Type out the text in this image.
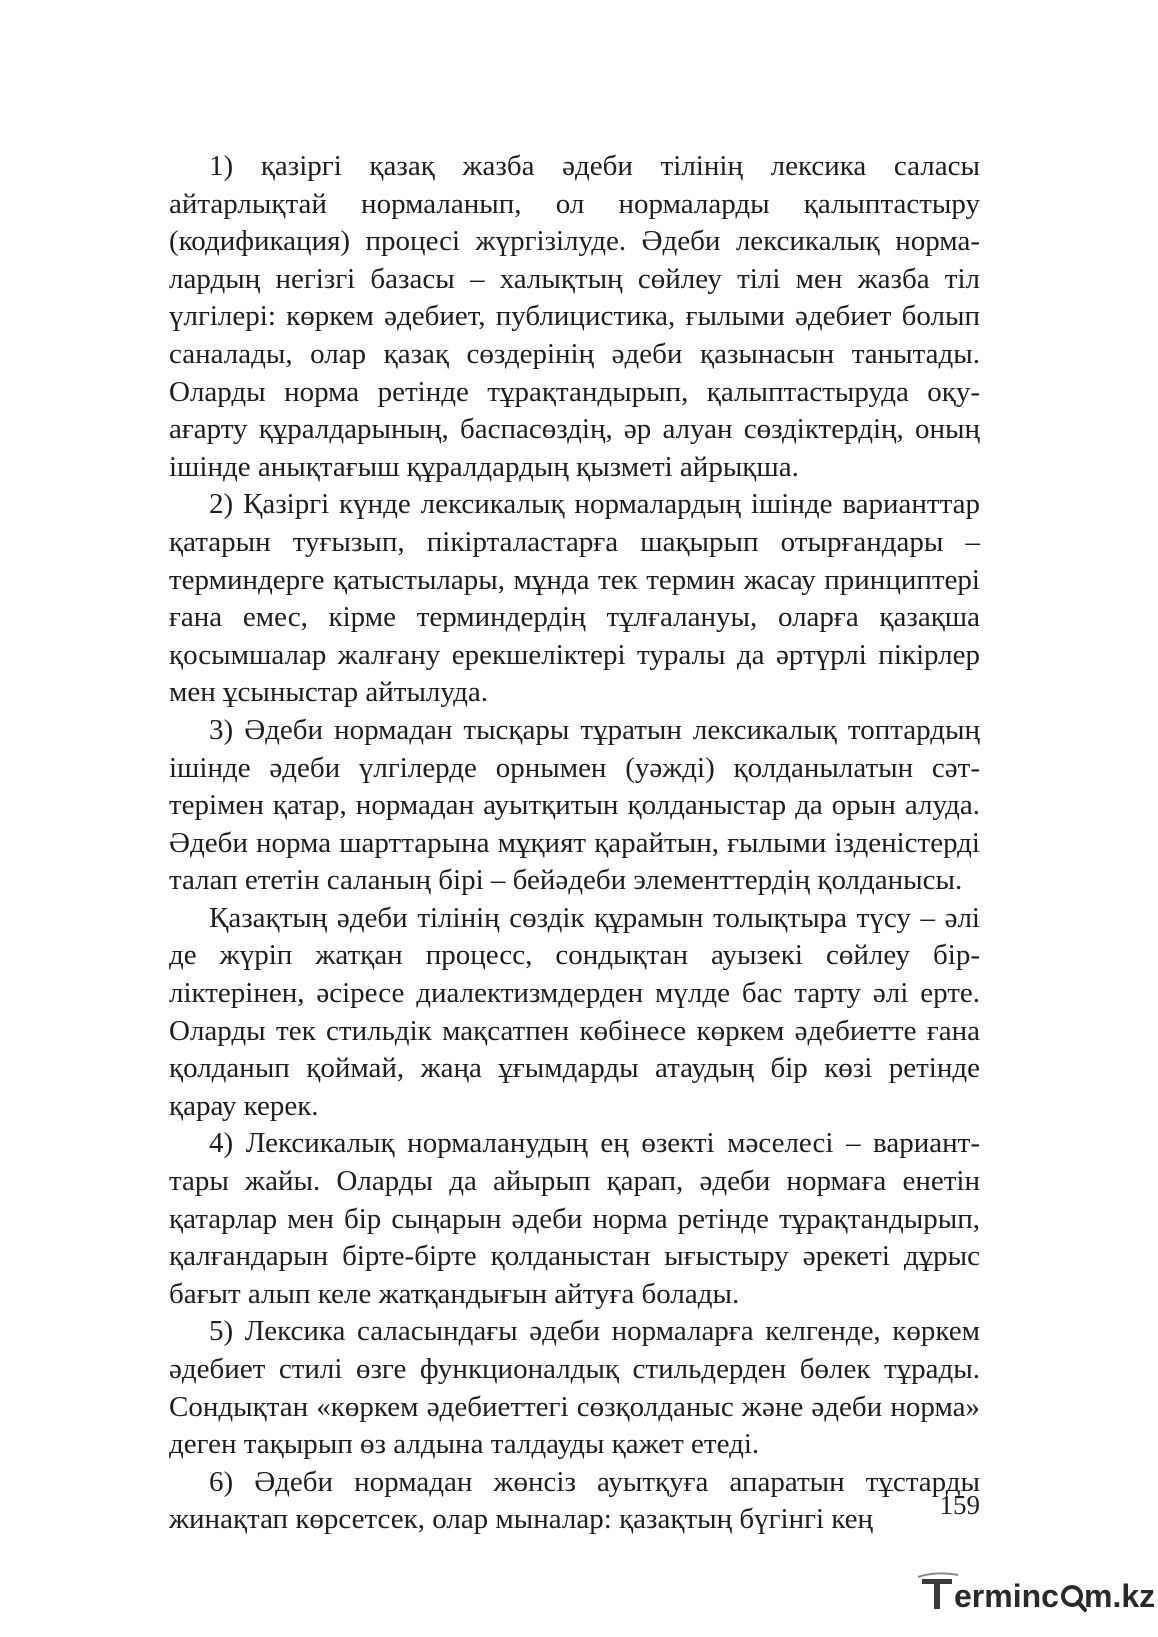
1) қазіргі қазақ жазба әдеби тілінің лексика саласы айтарлықтай нормаланып, ол нормаларды қалыптастыру (кодификация) процесі жүргізілуде. Әдеби лексикалық нормалардың негізгі базасы – халықтың сөйлеу тілі мен жазба тіл үлгілері: көркем әдебиет, публицистика, ғылыми әдебиет болып саналады, олар қазақ сөздерінің әдеби қазынасын танытады. Оларды норма ретінде тұрақтандырып, қалыптастыруда оқу-ағарту құралдарының, баспасөздің, әр алуан сөздіктердің, оның ішінде анықтағыш құралдардың қызметі айрықша.

2) Қазіргі күнде лексикалық нормалардың ішінде варианттар қатарын туғызып, пікірталастарға шақырып отырғандары – терминдерге қатыстылары, мұнда тек термин жасау принциптері ғана емес, кірме терминдердің тұлғалануы, оларға қазақша қосымшалар жалғану ерекшеліктері туралы да әртүрлі пікірлер мен ұсыныстар айтылуда.

3) Әдеби нормадан тысқары тұратын лексикалық топтардың ішінде әдеби үлгілерде орнымен (уәжді) қолданылатын сәттерімен қатар, нормадан ауытқитын қолданыстар да орын алуда. Әдеби норма шарттарына мұқият қарайтын, ғылыми ізденістерді талап ететін саланың бірі – бейәдеби элементтердің қолданысы.

Қазақтың әдеби тілінің сөздік құрамын толықтыра түсу – әлі де жүріп жатқан процесс, сондықтан ауызекі сөйлеу бірліктерінен, әсіресе диалектизмдерден мүлде бас тарту әлі ерте. Оларды тек стильдік мақсатпен көбінесе көркем әдебиетте ғана қолданып қоймай, жаңа ұғымдарды атаудың бір көзі ретінде қарау керек.

4) Лексикалық нормаланудың ең өзекті мәселесі – варианттары жайы. Оларды да айырып қарап, әдеби нормаға енетін қатарлар мен бір сыңарын әдеби норма ретінде тұрақтандырып, қалғандарын бірте-бірте қолданыстан ығыстыру әрекеті дұрыс бағыт алып келе жатқандығын айтуға болады.

5) Лексика саласындағы әдеби нормаларға келгенде, көркем әдебиет стилі өзге функционалдық стильдерден бөлек тұрады. Сондықтан «көркем әдебиеттегі сөзқолданыс және әдеби норма» деген тақырып өз алдына талдауды қажет етеді.

6) Әдеби нормадан жөнсіз ауытқуға апаратын тұстарды жинақтап көрсетсек, олар мыналар: қазақтың бүгінгі кең	159
erminc m.kz
